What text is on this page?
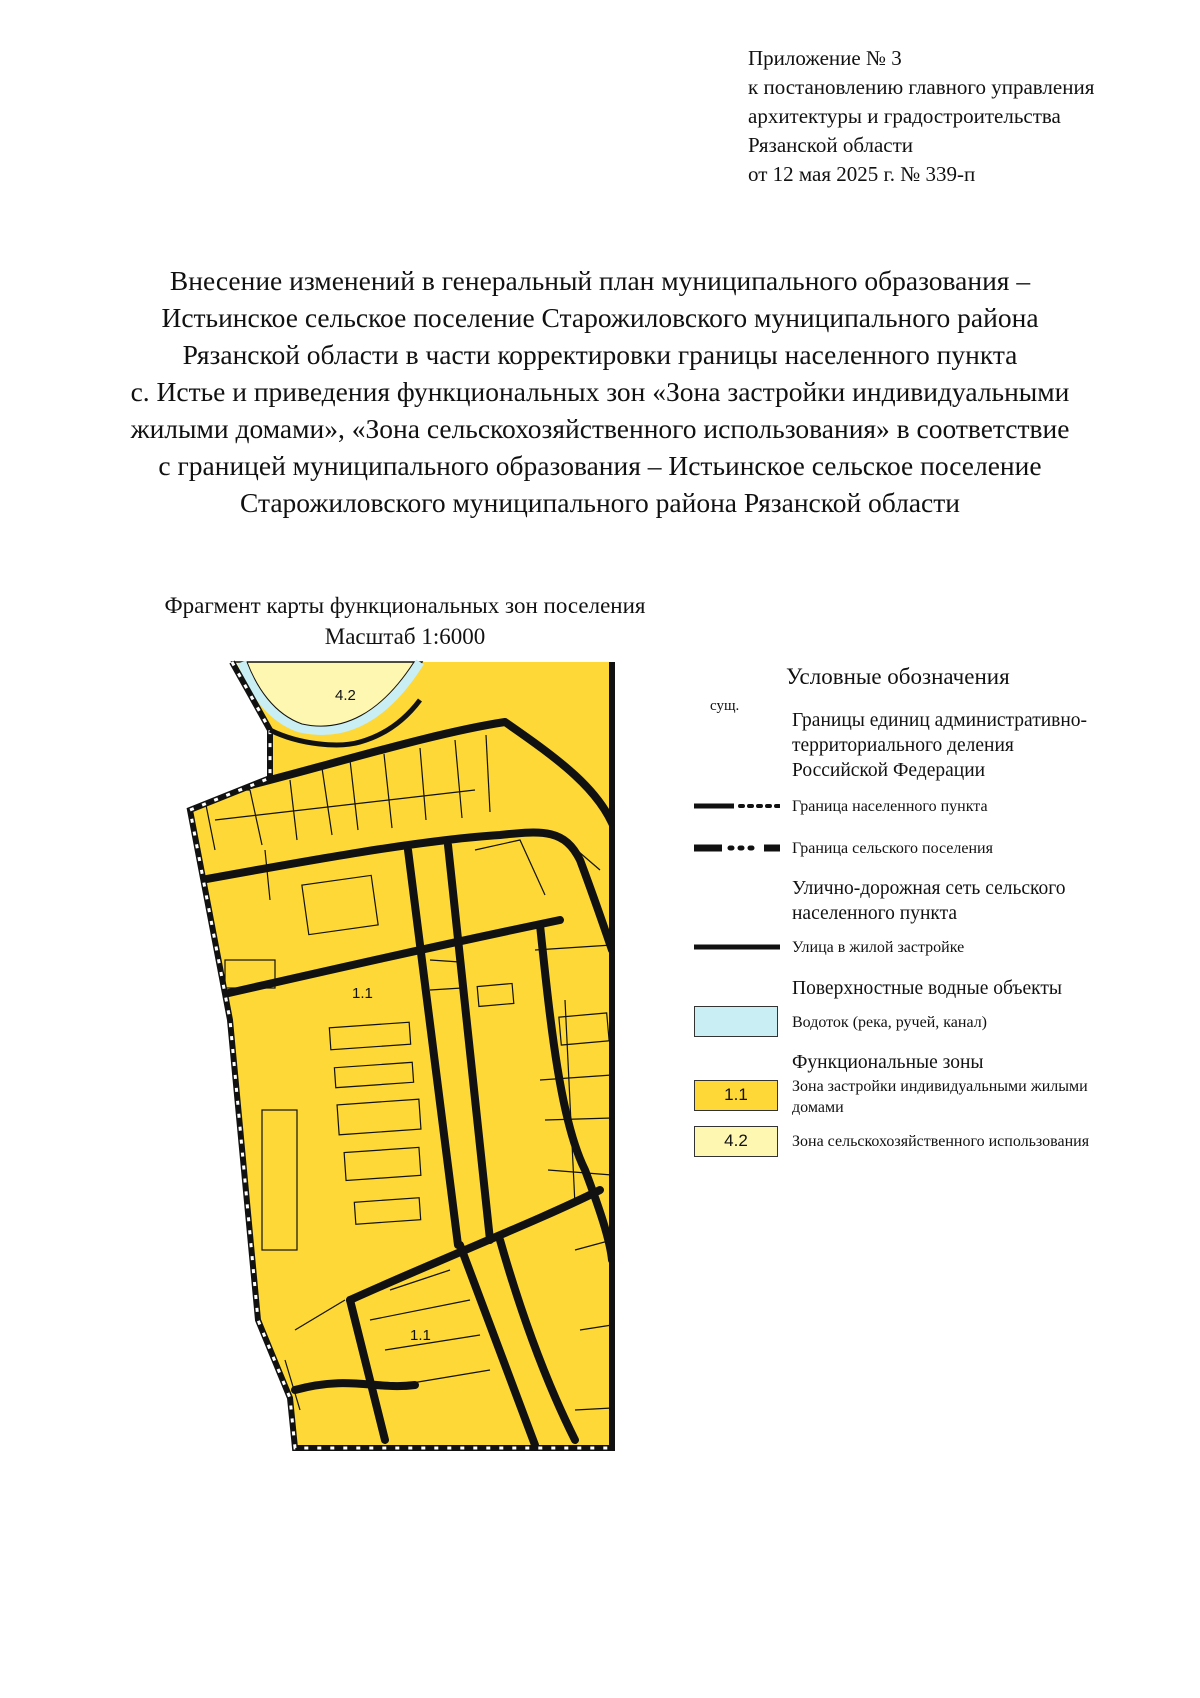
Приложение № 3
к постановлению главного управления
архитектуры и градостроительства
Рязанской области
от 12 мая 2025 г. № 339-п
Внесение изменений в генеральный план муниципального образования –
Истьинское сельское поселение Старожиловского муниципального района
Рязанской области в части корректировки границы населенного пункта
с. Истье и приведения функциональных зон «Зона застройки индивидуальными
жилыми домами», «Зона сельскохозяйственного использования» в соответствие
с границей муниципального образования – Истьинское сельское поселение
Старожиловского муниципального района Рязанской области
Фрагмент карты функциональных зон поселения
Масштаб 1:6000
4.2
1.1
1.1
Условные обозначения
сущ.
Границы единиц административно-
территориального деления
Российской Федерации
Граница населенного пункта
Граница сельского поселения
Улично-дорожная сеть сельского
населенного пункта
Улица в жилой застройке
Поверхностные водные объекты
Водоток (река, ручей, канал)
Функциональные зоны
1.1	Зона застройки индивидуальными жилыми
домами
4.2	Зона сельскохозяйственного использования
